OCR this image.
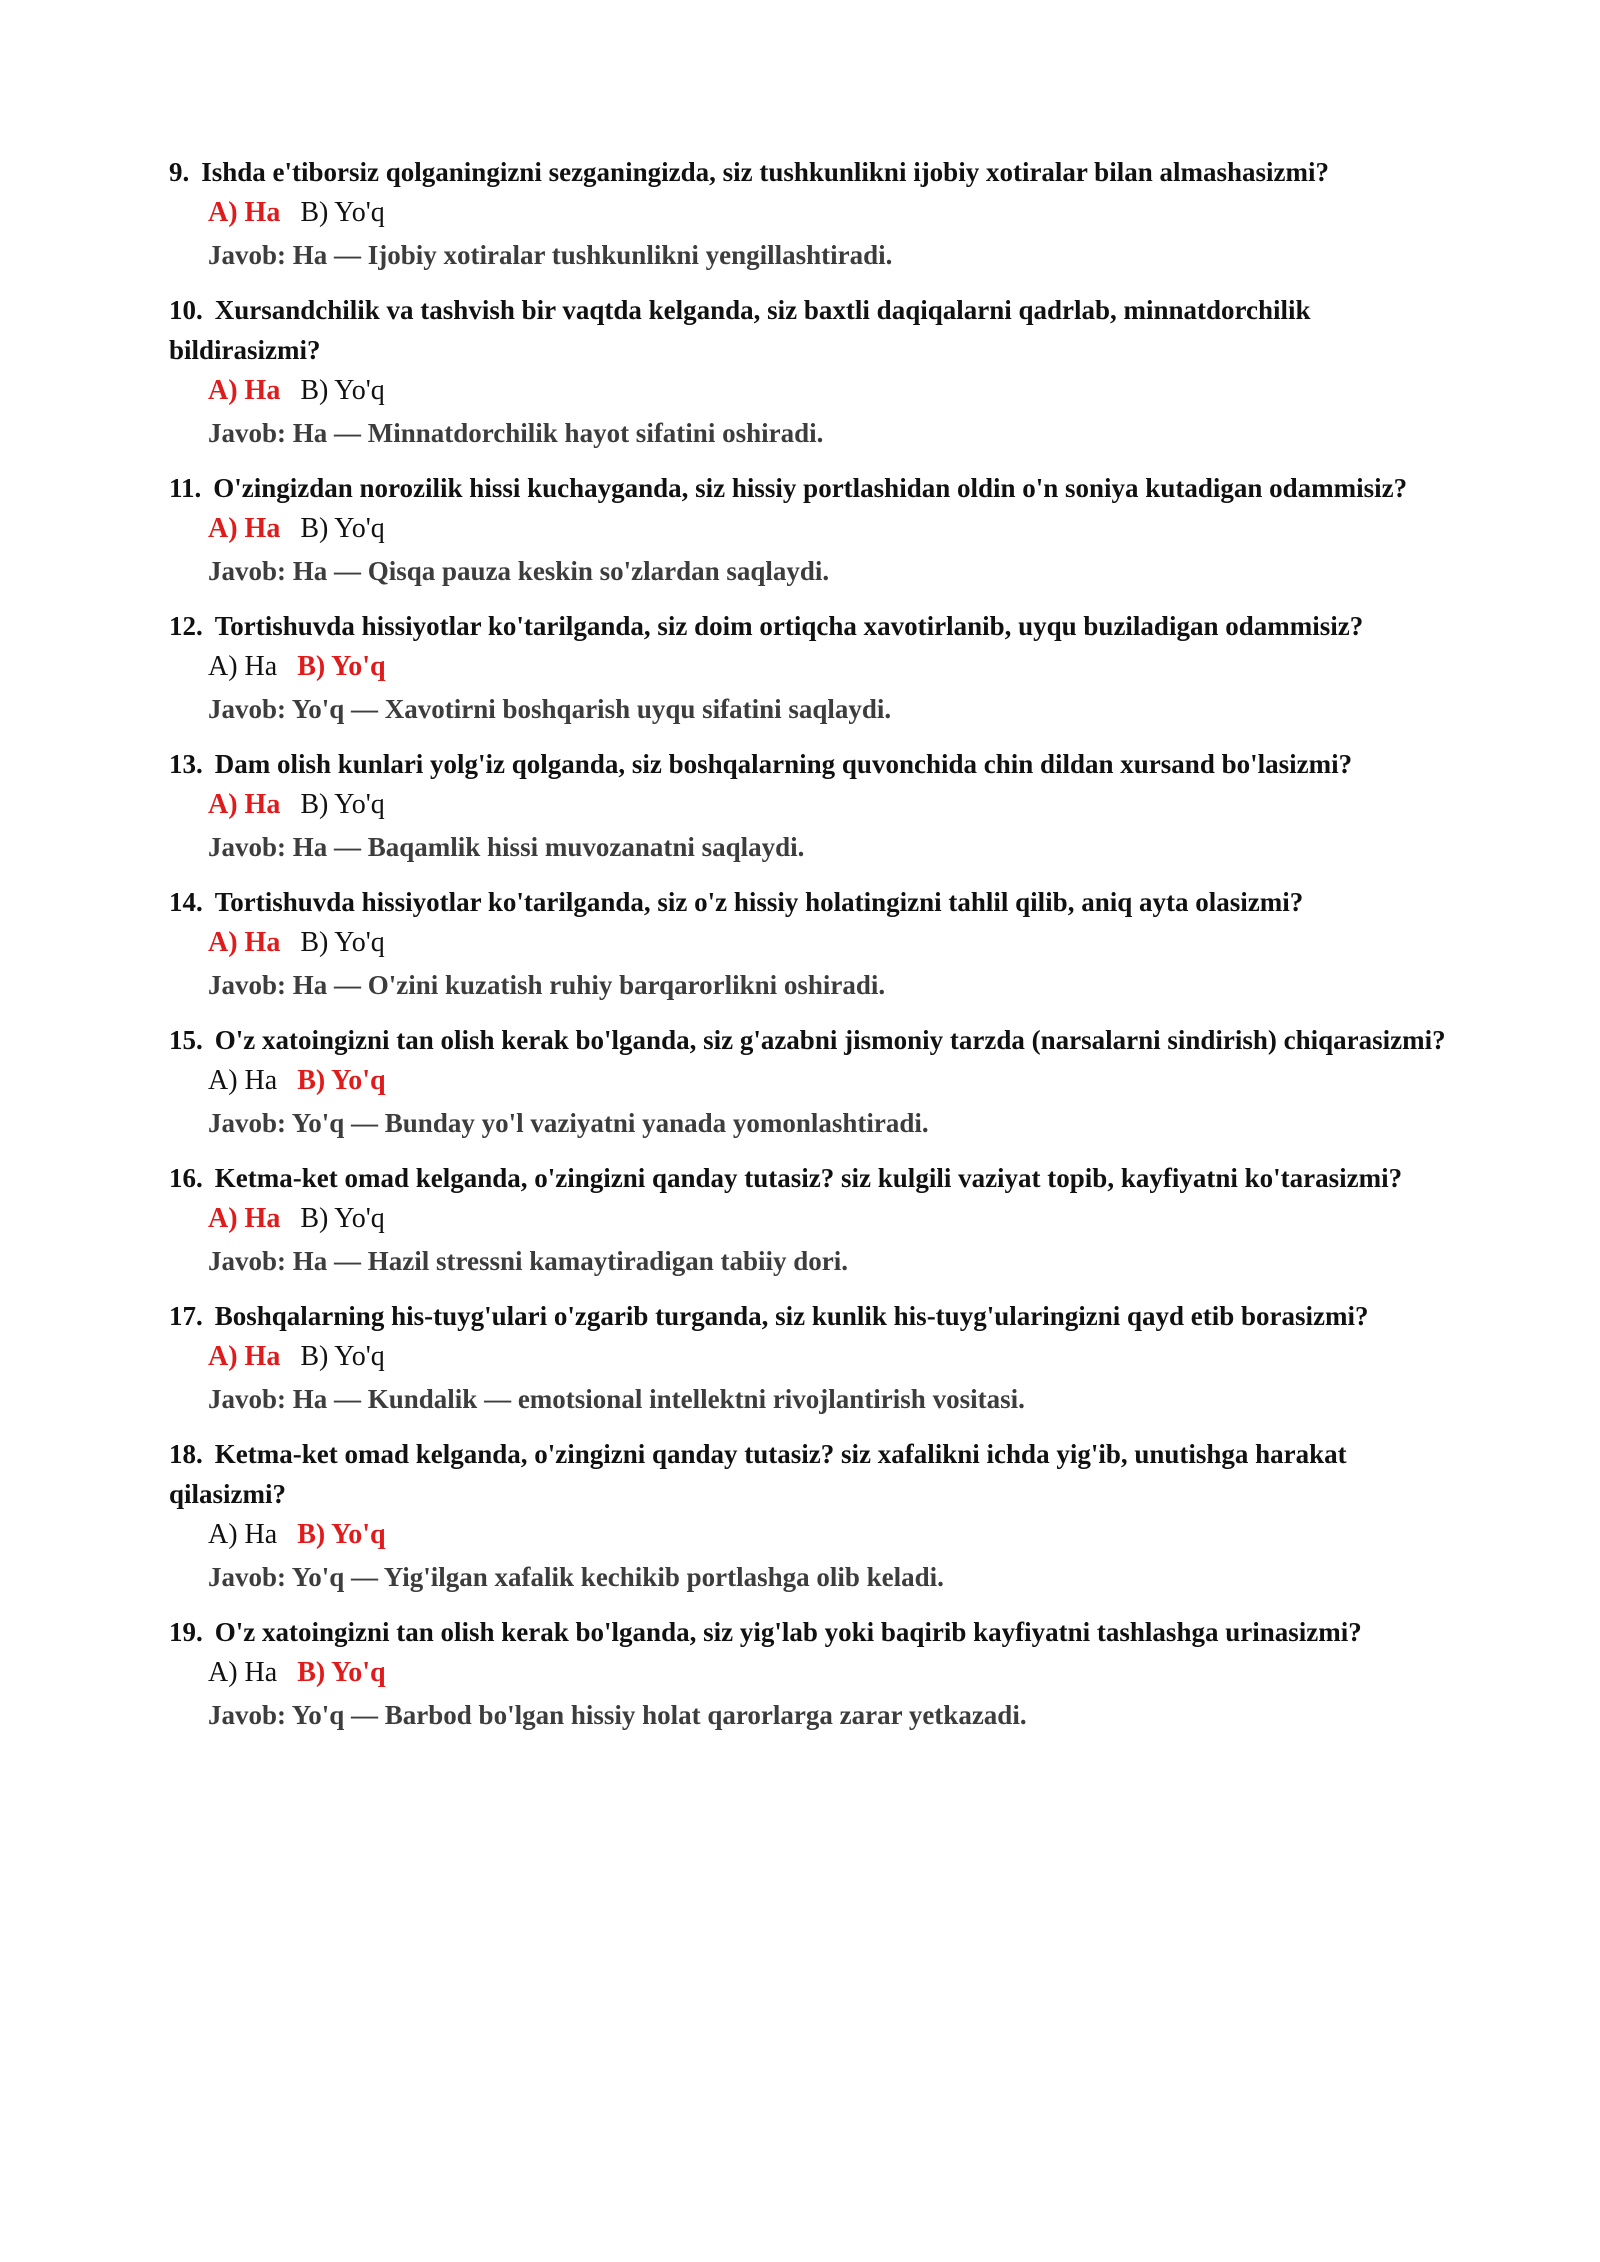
9. Ishda e'tiborsiz qolganingizni sezganingizda, siz tushkunlikni ijobiy xotiralar bilan almashasizmi?
A) Ha B) Yo'q
Javob: Ha — Ijobiy xotiralar tushkunlikni yengillashtiradi.
10. Xursandchilik va tashvish bir vaqtda kelganda, siz baxtli daqiqalarni qadrlab, minnatdorchilik bildirasizmi?
A) Ha B) Yo'q
Javob: Ha — Minnatdorchilik hayot sifatini oshiradi.
11. O'zingizdan norozilik hissi kuchayganda, siz hissiy portlashidan oldin o'n soniya kutadigan odammisiz?
A) Ha B) Yo'q
Javob: Ha — Qisqa pauza keskin so'zlardan saqlaydi.
12. Tortishuvda hissiyotlar ko'tarilganda, siz doim ortiqcha xavotirlanib, uyqu buziladigan odammisiz?
A) Ha B) Yo'q
Javob: Yo'q — Xavotirni boshqarish uyqu sifatini saqlaydi.
13. Dam olish kunlari yolg'iz qolganda, siz boshqalarning quvonchida chin dildan xursand bo'lasizmi?
A) Ha B) Yo'q
Javob: Ha — Baqamlik hissi muvozanatni saqlaydi.
14. Tortishuvda hissiyotlar ko'tarilganda, siz o'z hissiy holatingizni tahlil qilib, aniq ayta olasizmi?
A) Ha B) Yo'q
Javob: Ha — O'zini kuzatish ruhiy barqarorlikni oshiradi.
15. O'z xatoingizni tan olish kerak bo'lganda, siz g'azabni jismoniy tarzda (narsalarni sindirish) chiqarasizmi?
A) Ha B) Yo'q
Javob: Yo'q — Bunday yo'l vaziyatni yanada yomonlashtiradi.
16. Ketma-ket omad kelganda, o'zingizni qanday tutasiz? siz kulgili vaziyat topib, kayfiyatni ko'tarasizmi?
A) Ha B) Yo'q
Javob: Ha — Hazil stressni kamaytiradigan tabiiy dori.
17. Boshqalarning his-tuyg'ulari o'zgarib turganda, siz kunlik his-tuyg'ularingizni qayd etib borasizmi?
A) Ha B) Yo'q
Javob: Ha — Kundalik — emotsional intellektni rivojlantirish vositasi.
18. Ketma-ket omad kelganda, o'zingizni qanday tutasiz? siz xafalikni ichda yig'ib, unutishga harakat qilasizmi?
A) Ha B) Yo'q
Javob: Yo'q — Yig'ilgan xafalik kechikib portlashga olib keladi.
19. O'z xatoingizni tan olish kerak bo'lganda, siz yig'lab yoki baqirib kayfiyatni tashlashga urinasizmi?
A) Ha B) Yo'q
Javob: Yo'q — Barbod bo'lgan hissiy holat qarorlarga zarar yetkazadi.
